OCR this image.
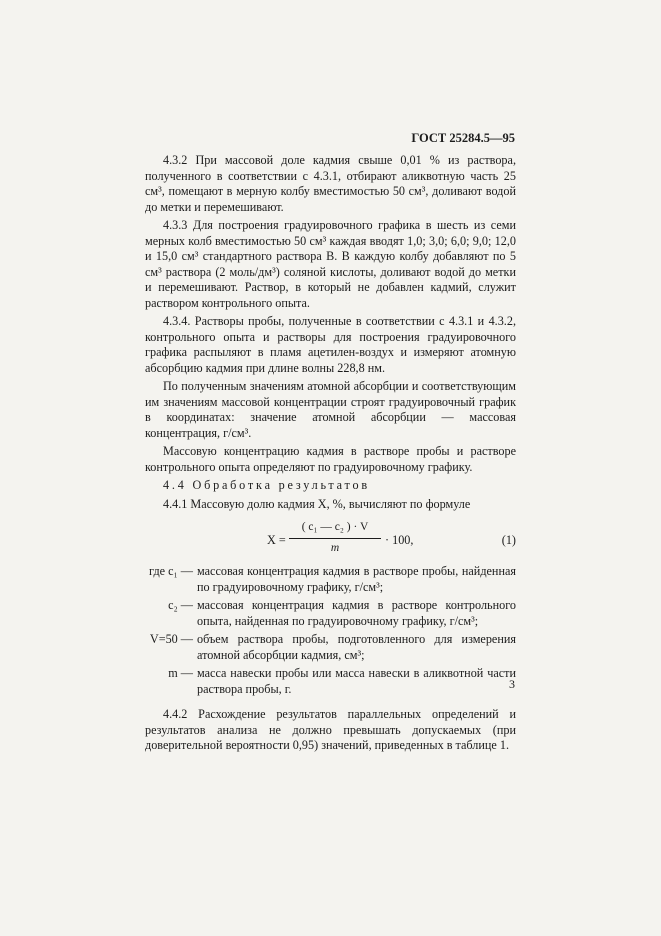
ГОСТ 25284.5—95

4.3.2 При массовой доле кадмия свыше 0,01 % из раствора, полученного в соответствии с 4.3.1, отбирают аликвотную часть 25 см³, помещают в мерную колбу вместимостью 50 см³, доливают водой до метки и перемешивают.

4.3.3 Для построения градуировочного графика в шесть из семи мерных колб вместимостью 50 см³ каждая вводят 1,0; 3,0; 6,0; 9,0; 12,0 и 15,0 см³ стандартного раствора В. В каждую колбу добавляют по 5 см³ раствора (2 моль/дм³) соляной кислоты, доливают водой до метки и перемешивают. Раствор, в который не добавлен кадмий, служит раствором контрольного опыта.

4.3.4. Растворы пробы, полученные в соответствии с 4.3.1 и 4.3.2, контрольного опыта и растворы для построения градуировочного графика распыляют в пламя ацетилен-воздух и измеряют атомную абсорбцию кадмия при длине волны 228,8 нм.

По полученным значениям атомной абсорбции и соответствующим им значениям массовой концентрации строят градуировочный график в координатах: значение атомной абсорбции — массовая концентрация, г/см³.

Массовую концентрацию кадмия в растворе пробы и растворе контрольного опыта определяют по градуировочному графику.

4.4 Обработка результатов

4.4.1 Массовую долю кадмия X, %, вычисляют по формуле

$X = \frac{\text{( c₁ — c₂ ) · V}}{m} \cdot 100$,	(1)
где c₁ — массовая концентрация кадмия в растворе пробы, найденная по градуировочному графику, г/см³;
c₂ — массовая концентрация кадмия в растворе контрольного опыта, найденная по градуировочному графику, г/см³;
V=50 — объем раствора пробы, подготовленного для измерения атомной абсорбции кадмия, см³;
m — масса навески пробы или масса навески в аликвотной части раствора пробы, г.

4.4.2 Расхождение результатов параллельных определений и результатов анализа не должно превышать допускаемых (при доверительной вероятности 0,95) значений, приведенных в таблице 1.

3
